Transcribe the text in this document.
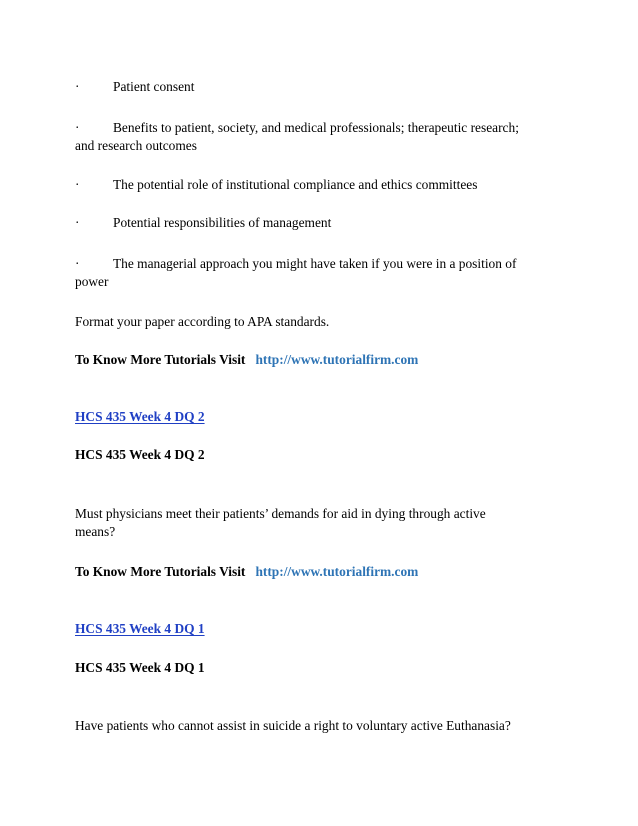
·	Patient consent
·	Benefits to patient, society, and medical professionals; therapeutic research;
and research outcomes
·	The potential role of institutional compliance and ethics committees
·	Potential responsibilities of management
·	The managerial approach you might have taken if you were in a position of
power
Format your paper according to APA standards.
To Know More Tutorials Visit http://www.tutorialfirm.com
HCS 435 Week 4 DQ 2
HCS 435 Week 4 DQ 2
Must physicians meet their patients’ demands for aid in dying through active
means?
To Know More Tutorials Visit http://www.tutorialfirm.com
HCS 435 Week 4 DQ 1
HCS 435 Week 4 DQ 1
Have patients who cannot assist in suicide a right to voluntary active Euthanasia?
